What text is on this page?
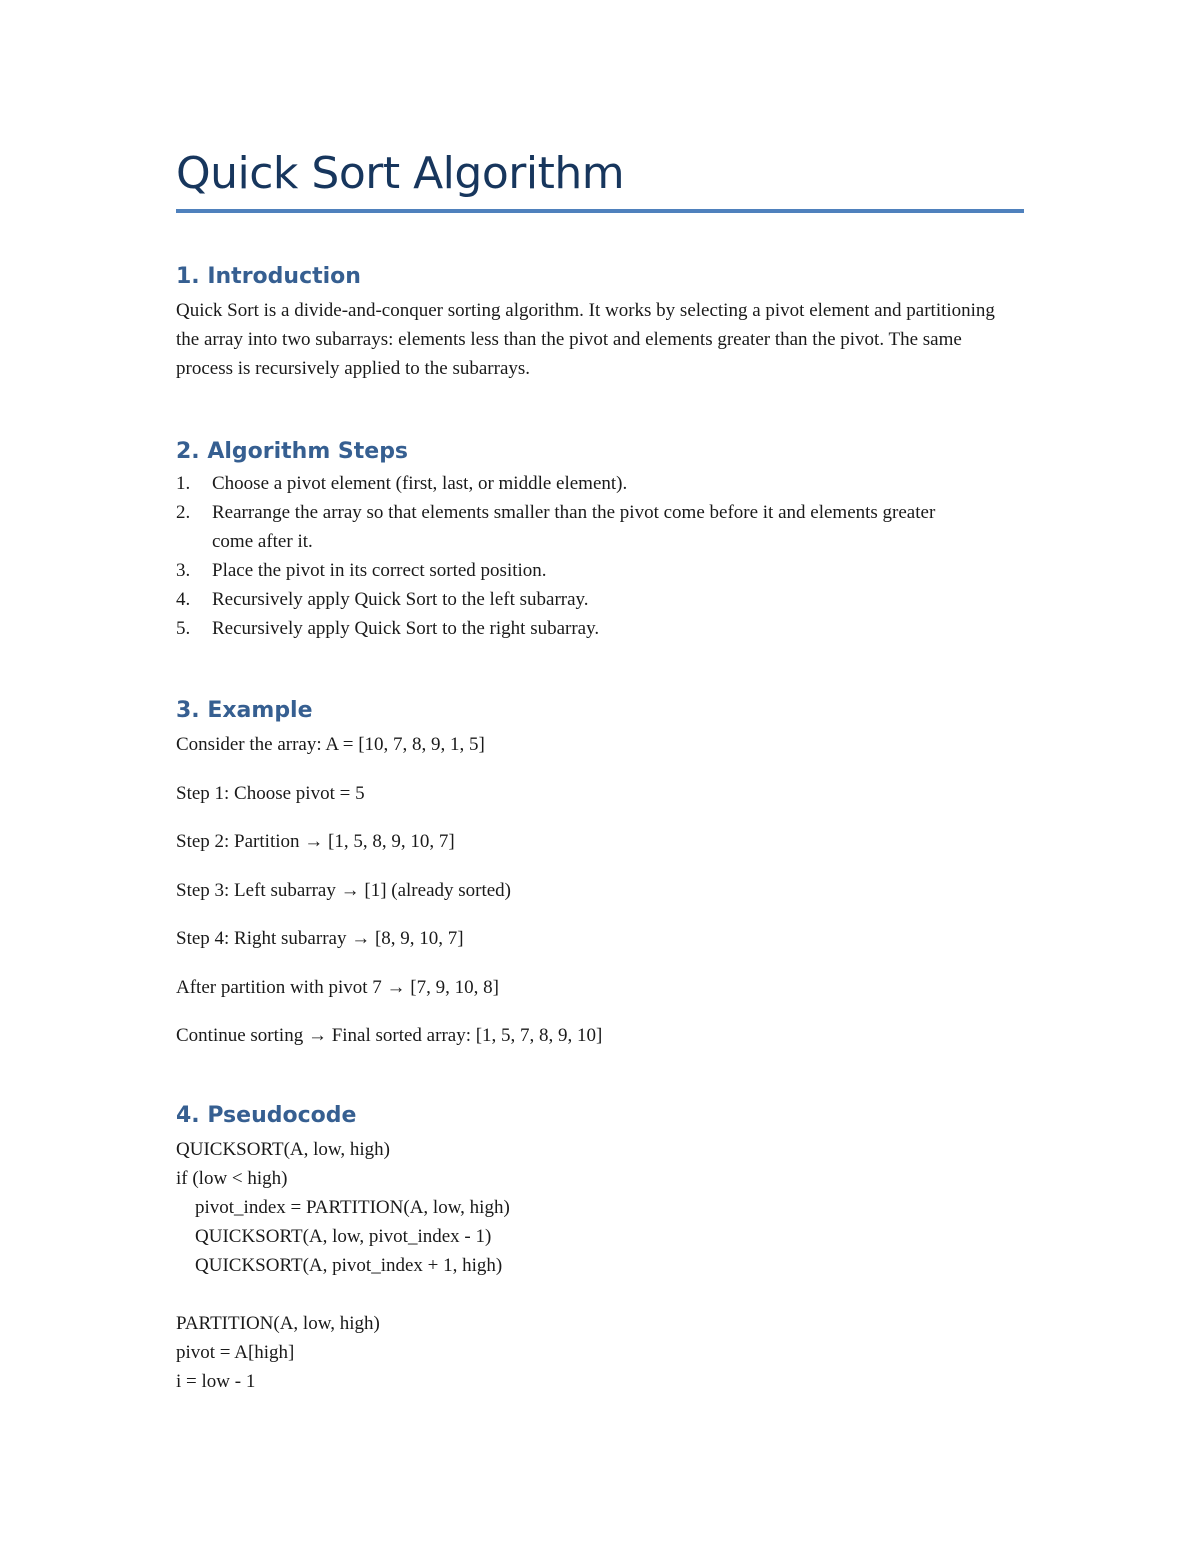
Quick Sort Algorithm
1. Introduction

Quick Sort is a divide-and-conquer sorting algorithm. It works by selecting a pivot element and partitioning the array into two subarrays: elements less than the pivot and elements greater than the pivot. The same process is recursively applied to the subarrays.

2. Algorithm Steps
1. Choose a pivot element (first, last, or middle element).
2. Rearrange the array so that elements smaller than the pivot come before it and elements greater come after it.
3. Place the pivot in its correct sorted position.
4. Recursively apply Quick Sort to the left subarray.
5. Recursively apply Quick Sort to the right subarray.
3. Example
Consider the array: A = [10, 7, 8, 9, 1, 5]
Step 1: Choose pivot = 5
Step 2: Partition → [1, 5, 8, 9, 10, 7]
Step 3: Left subarray → [1] (already sorted)
Step 4: Right subarray → [8, 9, 10, 7]
After partition with pivot 7 → [7, 9, 10, 8]
Continue sorting → Final sorted array: [1, 5, 7, 8, 9, 10]
4. Pseudocode
QUICKSORT(A, low, high)
if (low < high)
pivot_index = PARTITION(A, low, high)
QUICKSORT(A, low, pivot_index - 1)
QUICKSORT(A, pivot_index + 1, high)
PARTITION(A, low, high)
pivot = A[high]
i = low - 1
